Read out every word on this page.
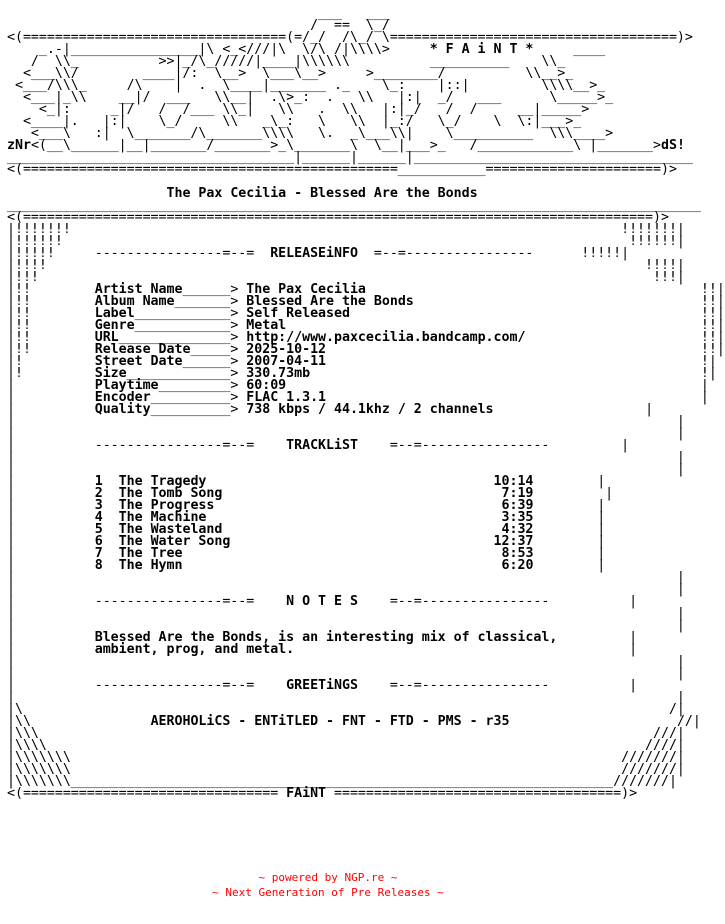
___   ___
/  ==  \_/
<(=================================(=/_/  /\_/ \====================================)>
_.-|________________|\ <_<///|\  \/\ /|\\\\>	* F A i N T *	____
/  \\_          >>|_/\_/////|____|\\\\\\          __________    \\_
<___\\/        ____|/:  \__>  \___\__>     >________/          \\__>_
<___/\\\_     /\    |  .  \____|_______ ._    \_:    |::|         \\\\__>_
<___|_\\    __|/  ___   \\__|  .\>_:  .   \\   |:|  _/   ___      \_____>_
<_|:     _|/   /  /___ \\_|   \\   .  \\   |:|_/   /  /     __|_____>
<____|.   |:|    \_/     \\   _\_:   \   \\  |_:/   \_/    \  \:|___>_
<___\   :|  \_______/\_______\\\\   \.  _\___\\|    \__________  \\\____>
zNr<(__\______|__|_______/_______>_\_______\  \__|___>_   /____________\ |_______>dS!
____________________________________|______|______|___________________________________
<(===============================================___________======================)>

The Pax Cecilia - Blessed Are the Bonds
_______________________________________________________________________________________
<(===============================================================================)>
|!!!!!!!                                                                     !!!!!!!|
|!!!!!!                                                                       !!!!!!|
|!!!!!     ----------------=--=  RELEASEiNFO  =--=----------------      !!!!!|
|!!!!                                                                           !!!!|
|!!!                                                                             !!!|
|!!	Artist Name______> The Pax Cecilia	!!|
|!!	Album Name_______> Blessed Are the Bonds	!!|
|!!	Label____________> Self Released	!!|
|!!	Genre____________> Metal	!!|
|!!	URL______________> http://www.paxcecilia.bandcamp.com/	!!|
|!!	Release Date_____> 2025-10-12	!!|
|!	Street Date______> 2007-04-11	!|
|!	Size_____________> 330.73mb	!|
|	Playtime_________> 60:09	|
|	Encoder__________> FLAC 1.3.1	|
|	Quality__________> 738 kbps / 44.1khz / 2 channels	|
|                                                                                   |
|                                                                                   |
|          ----------------=--=    TRACKLiST    =--=----------------         |
|                                                                                   |
|                                                                                   |
|	1 The Tragedy	10:14	|
|	2 The Tomb Song	7:19	|
|	3 The Progress	6:39	|
|	4 The Machine	3:35	|
|	5 The Wasteland	4:32	|
|	6 The Water Song	12:37	|
|	7 The Tree	8:53	|
|	8 The Hymn	6:20	|
|                                                                                   |
|                                                                                   |
|          ----------------=--=    N O T E S    =--=----------------          |
|                                                                                   |
|                                                                                   |
|	Blessed Are the Bonds, is an interesting mix of classical,	|
|	ambient, prog, and metal.	|
|                                                                                   |
|                                                                                   |
|          ----------------=--=    GREETiNGS    =--=----------------          |
|                                                                                   |
|\                                                                                 /|
|\\	AEROHOLiCS - ENTiTLED - FNT - FTD - PMS - r35	//|
|\\\                                                                             ///|
|\\\\                                                                           ////|
|\\\\\\\                                                                     ///////|
|\\\\\\\                                                                     ///////|
|\\\\\\\____________________________________________________________________///////|
<(================================ FAiNT ====================================)>
~ powered by NGP.re ~
~ Next Generation of Pre Releases ~
